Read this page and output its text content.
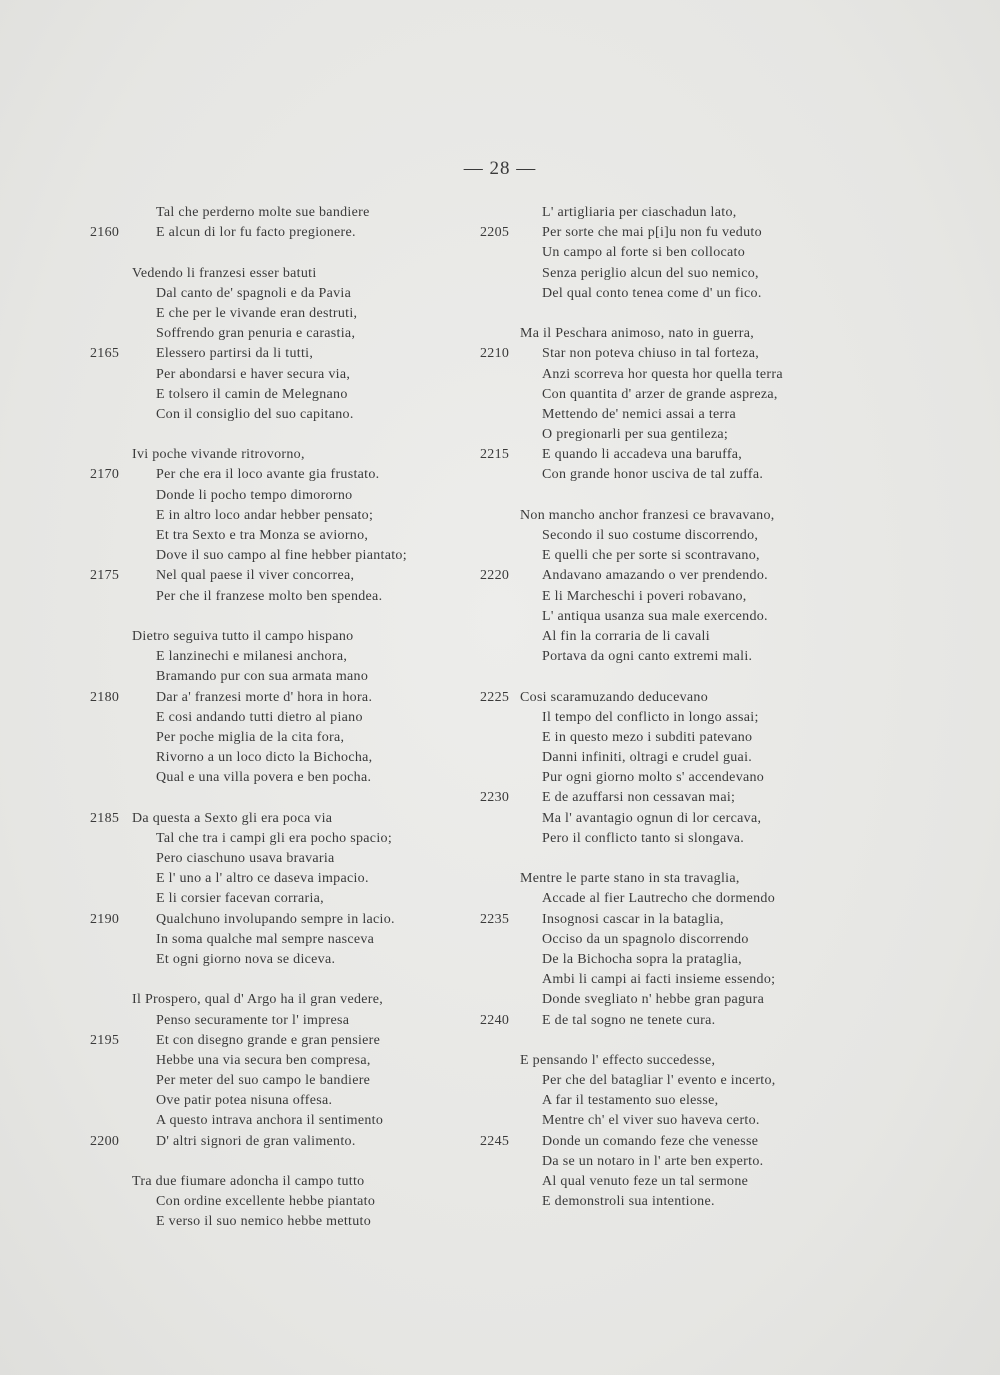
— 28 —
Tal che perderno molte sue bandiere
2160	E alcun di lor fu facto pregionere.
Vedendo li franzesi esser batuti
Dal canto de' spagnoli e da Pavia
E che per le vivande eran destruti,
Soffrendo gran penuria e carastia,
2165	Elessero partirsi da li tutti,
Per abondarsi e haver secura via,
E tolsero il camin de Melegnano
Con il consiglio del suo capitano.
Ivi poche vivande ritrovorno,
2170	Per che era il loco avante gia frustato.
Donde li pocho tempo dimororno
E in altro loco andar hebber pensato;
Et tra Sexto e tra Monza se aviorno,
Dove il suo campo al fine hebber piantato;
2175	Nel qual paese il viver concorrea,
Per che il franzese molto ben spendea.
Dietro seguiva tutto il campo hispano
E lanzinechi e milanesi anchora,
Bramando pur con sua armata mano
2180	Dar a' franzesi morte d' hora in hora.
E cosi andando tutti dietro al piano
Per poche miglia de la cita fora,
Rivorno a un loco dicto la Bichocha,
Qual e una villa povera e ben pocha.
2185 Da questa a Sexto gli era poca via
Tal che tra i campi gli era pocho spacio;
Pero ciaschuno usava bravaria
E l' uno a l' altro ce daseva impacio.
E li corsier facevan corraria,
2190	Qualchuno involupando sempre in lacio.
In soma qualche mal sempre nasceva
Et ogni giorno nova se diceva.
Il Prospero, qual d' Argo ha il gran vedere,
Penso securamente tor l' impresa
2195	Et con disegno grande e gran pensiere
Hebbe una via secura ben compresa,
Per meter del suo campo le bandiere
Ove patir potea nisuna offesa.
A questo intrava anchora il sentimento
2200	D' altri signori de gran valimento.
Tra due fiumare adoncha il campo tutto
Con ordine excellente hebbe piantato
E verso il suo nemico hebbe mettuto
L' artigliaria per ciaschadun lato,
2205	Per sorte che mai p[i]u non fu veduto
Un campo al forte si ben collocato
Senza periglio alcun del suo nemico,
Del qual conto tenea come d' un fico.
Ma il Peschara animoso, nato in guerra,
2210	Star non poteva chiuso in tal forteza,
Anzi scorreva hor questa hor quella terra
Con quantita d' arzer de grande aspreza,
Mettendo de' nemici assai a terra
O pregionarli per sua gentileza;
2215	E quando li accadeva una baruffa,
Con grande honor usciva de tal zuffa.
Non mancho anchor franzesi ce bravavano,
Secondo il suo costume discorrendo,
E quelli che per sorte si scontravano,
2220	Andavano amazando o ver prendendo.
E li Marcheschi i poveri robavano,
L' antiqua usanza sua male exercendo.
Al fin la corraria de li cavali
Portava da ogni canto extremi mali.
2225 Cosi scaramuzando deducevano
Il tempo del conflicto in longo assai;
E in questo mezo i subditi patevano
Danni infiniti, oltragi e crudel guai.
Pur ogni giorno molto s' accendevano
2230	E de azuffarsi non cessavan mai;
Ma l' avantagio ognun di lor cercava,
Pero il conflicto tanto si slongava.
Mentre le parte stano in sta travaglia,
Accade al fier Lautrecho che dormendo
2235	Insognosi cascar in la bataglia,
Occiso da un spagnolo discorrendo
De la Bichocha sopra la prataglia,
Ambi li campi ai facti insieme essendo;
Donde svegliato n' hebbe gran pagura
2240	E de tal sogno ne tenete cura.
E pensando l' effecto succedesse,
Per che del batagliar l' evento e incerto,
A far il testamento suo elesse,
Mentre ch' el viver suo haveva certo.
2245	Donde un comando feze che venesse
Da se un notaro in l' arte ben experto.
Al qual venuto feze un tal sermone
E demonstroli sua intentione.
